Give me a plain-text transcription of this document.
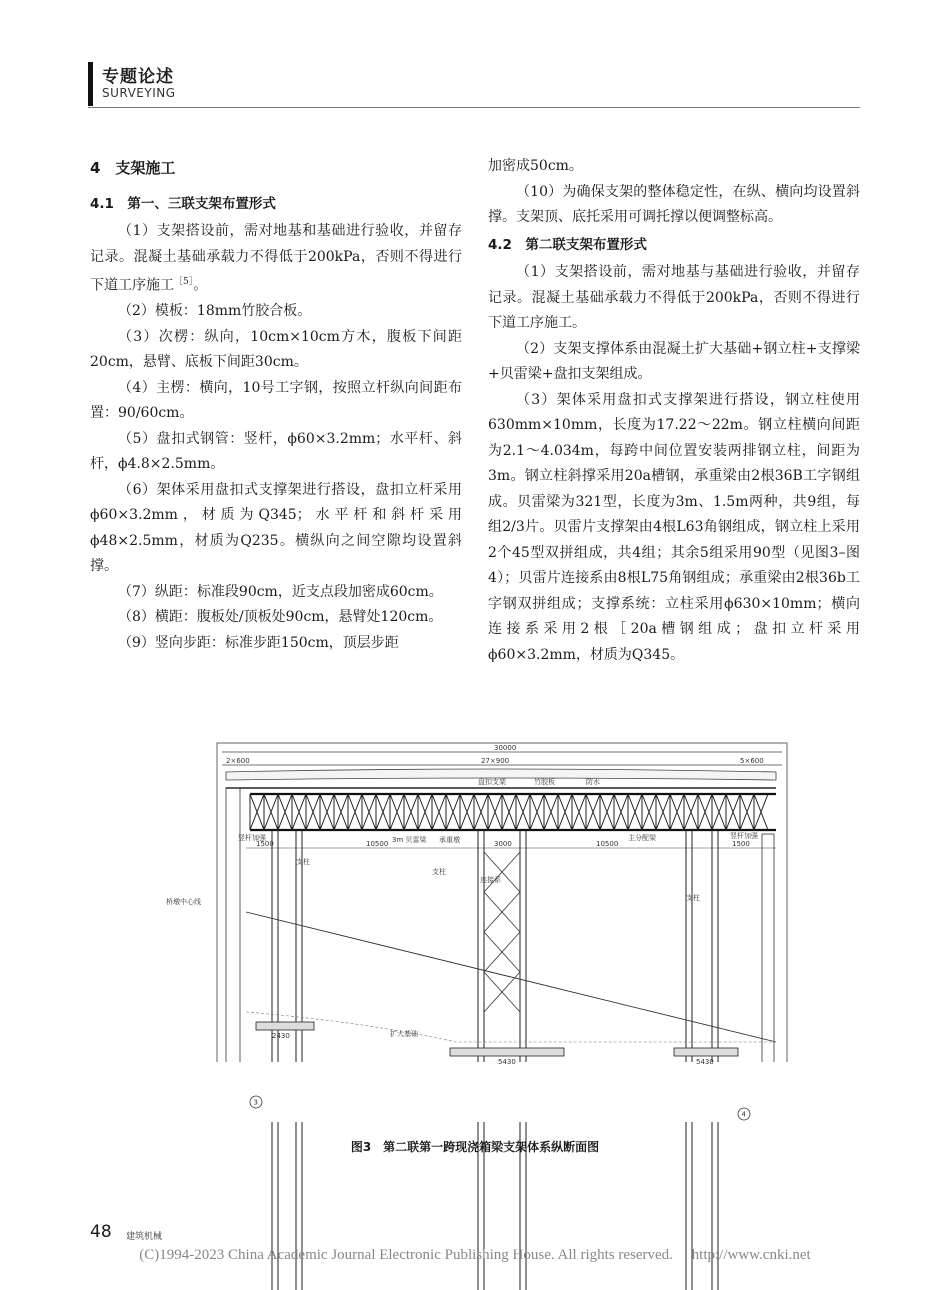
专题论述
SURVEYING
4　支架施工
4.1　第一、三联支架布置形式

（1）支架搭设前，需对地基和基础进行验收，并留存记录。混凝土基础承载力不得低于200kPa，否则不得进行下道工序施工$^{[5]}$。

（2）模板：18mm竹胶合板。

（3）次楞：纵向，10cm×10cm方木，腹板下间距20cm，悬臂、底板下间距30cm。

（4）主楞：横向，10号工字钢，按照立杆纵向间距布置：90/60cm。

（5）盘扣式钢管：竖杆，ϕ60×3.2mm；水平杆、斜杆，ϕ4.8×2.5mm。

（6）架体采用盘扣式支撑架进行搭设，盘扣立杆采用ϕ60×3.2mm，材质为Q345；水平杆和斜杆采用ϕ48×2.5mm，材质为Q235。横纵向之间空隙均设置斜撑。

（7）纵距：标准段90cm，近支点段加密成60cm。

（8）横距：腹板处/顶板处90cm，悬臂处120cm。

（9）竖向步距：标准步距150cm，顶层步距

加密成50cm。

（10）为确保支架的整体稳定性，在纵、横向均设置斜撑。支架顶、底托采用可调托撑以便调整标高。

4.2　第二联支架布置形式

（1）支架搭设前，需对地基与基础进行验收，并留存记录。混凝土基础承载力不得低于200kPa，否则不得进行下道工序施工。

（2）支架支撑体系由混凝土扩大基础+钢立柱+支撑梁+贝雷梁+盘扣支架组成。

（3）架体采用盘扣式支撑架进行搭设，钢立柱使用630mm×10mm，长度为17.22～22m。钢立柱横向间距为2.1～4.034m，每跨中间位置安装两排钢立柱，间距为3m。钢立柱斜撑采用20a槽钢，承重梁由2根36B工字钢组成。贝雷梁为321型，长度为3m、1.5m两种，共9组，每组2/3片。贝雷片支撑架由4根L63角钢组成，钢立柱上采用2个45型双拼组成，共4组；其余5组采用90型（见图3–图4）；贝雷片连接系由8根L75角钢组成；承重梁由2根36b工字钢双拼组成；支撑系统：立柱采用ϕ630×10mm；横向连接系采用2根［20a槽钢组成；盘扣立杆采用ϕ60×3.2mm，材质为Q345。

30000
2×600	27×900	5×600
盘扣支架	竹胶板	防水
竖杆加强	3m 贝雷梁 承重墩	主分配梁	竖杆加强
1500	10500	3000	10500	1500
支柱
支柱
连接系
支柱
桥墩中心线
2430
5430	5430
扩大基础
3
4
图3　第二联第一跨现浇箱梁支架体系纵断面图
48 建筑机械
(C)1994-2023 China Academic Journal Electronic Publishing House. All rights reserved.　 http://www.cnki.net
